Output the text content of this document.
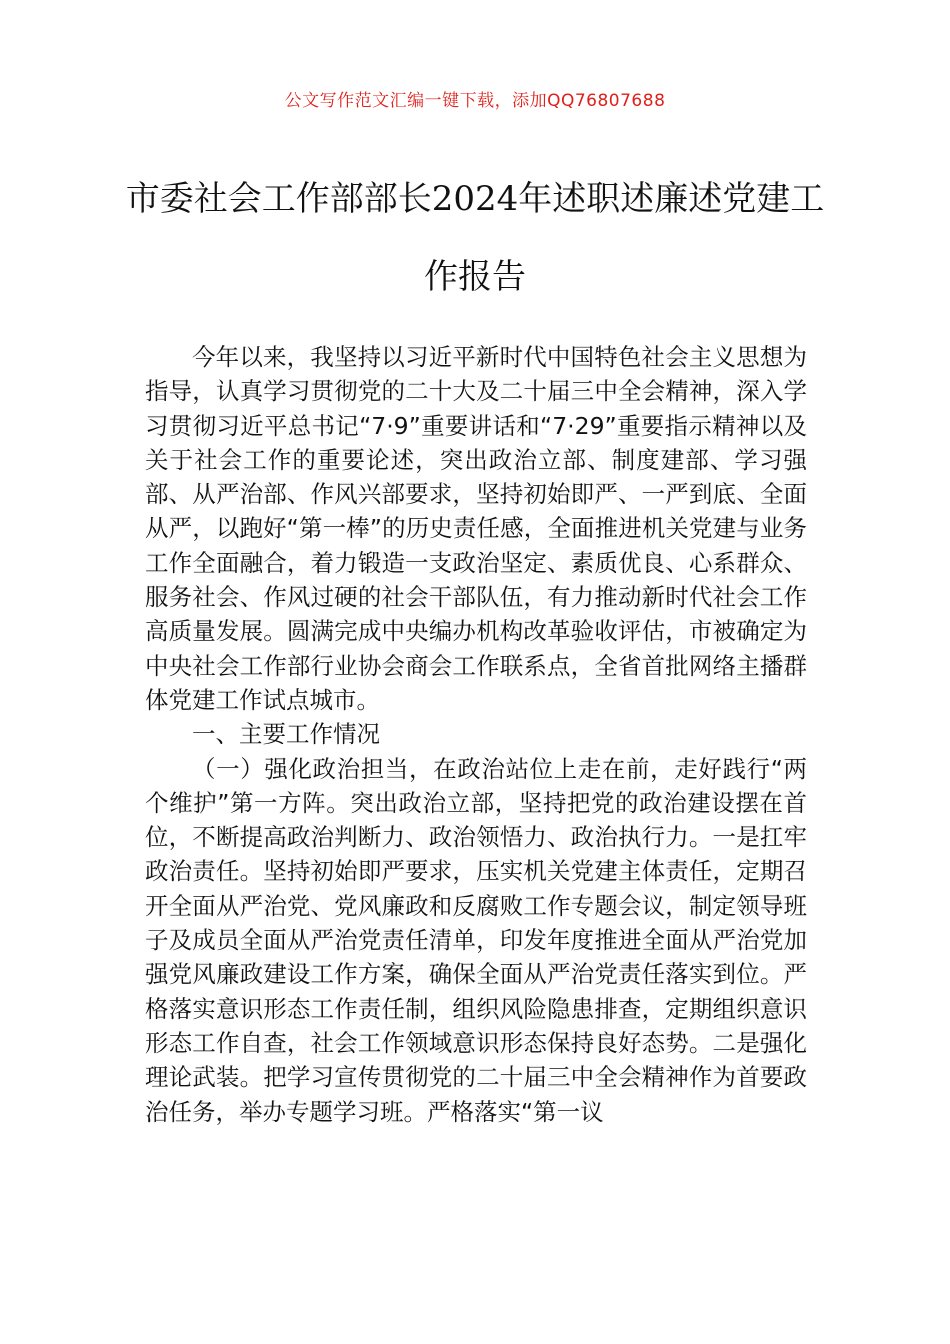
公文写作范文汇编一键下载，添加QQ76807688
市委社会工作部部长2024年述职述廉述党建工作报告

今年以来，我坚持以习近平新时代中国特色社会主义思想为指导，认真学习贯彻党的二十大及二十届三中全会精神，深入学习贯彻习近平总书记“7·9”重要讲话和“7·29”重要指示精神以及关于社会工作的重要论述，突出政治立部、制度建部、学习强部、从严治部、作风兴部要求，坚持初始即严、一严到底、全面从严，以跑好“第一棒”的历史责任感，全面推进机关党建与业务工作全面融合，着力锻造一支政治坚定、素质优良、心系群众、服务社会、作风过硬的社会干部队伍，有力推动新时代社会工作高质量发展。圆满完成中央编办机构改革验收评估，市被确定为中央社会工作部行业协会商会工作联系点，全省首批网络主播群体党建工作试点城市。

一、主要工作情况

（一）强化政治担当，在政治站位上走在前，走好践行“两个维护”第一方阵。突出政治立部，坚持把党的政治建设摆在首位，不断提高政治判断力、政治领悟力、政治执行力。一是扛牢政治责任。坚持初始即严要求，压实机关党建主体责任，定期召开全面从严治党、党风廉政和反腐败工作专题会议，制定领导班子及成员全面从严治党责任清单，印发年度推进全面从严治党加强党风廉政建设工作方案，确保全面从严治党责任落实到位。严格落实意识形态工作责任制，组织风险隐患排查，定期组织意识形态工作自查，社会工作领域意识形态保持良好态势。二是强化理论武装。把学习宣传贯彻党的二十届三中全会精神作为首要政治任务，举办专题学习班。严格落实“第一议
